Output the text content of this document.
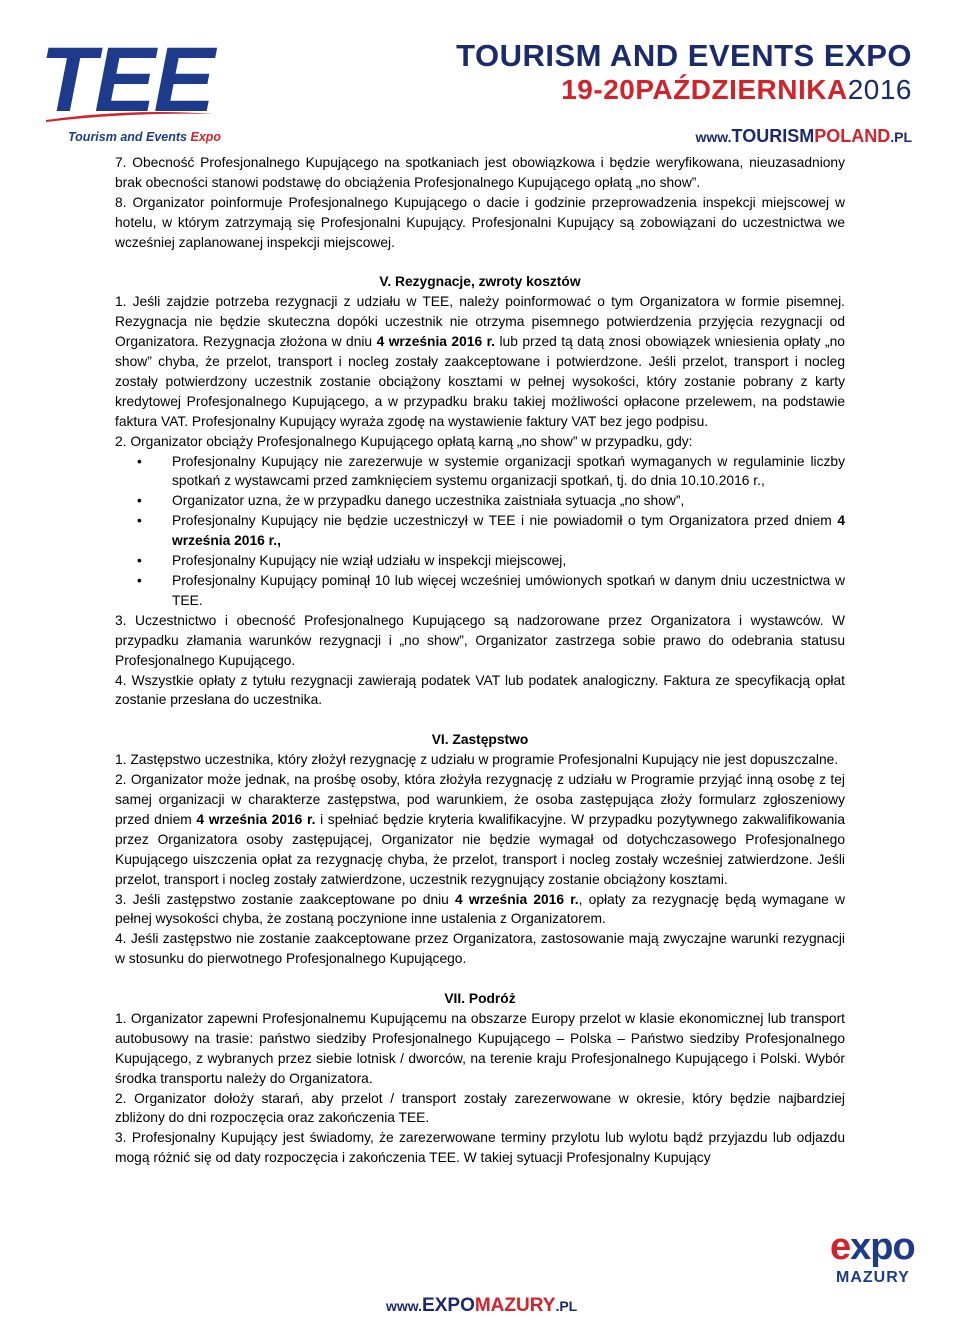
TEE
Tourism and Events Expo
TOURISM AND EVENTS EXPO
19-20PAŹDZIERNIKA2016
www.TOURISMPOLAND.PL

7. Obecność Profesjonalnego Kupującego na spotkaniach jest obowiązkowa i będzie weryfikowana, nieuzasadniony brak obecności stanowi podstawę do obciążenia Profesjonalnego Kupującego opłatą „no show”.

8. Organizator poinformuje Profesjonalnego Kupującego o dacie i godzinie przeprowadzenia inspekcji miejscowej w hotelu, w którym zatrzymają się Profesjonalni Kupujący. Profesjonalni Kupujący są zobowiązani do uczestnictwa we wcześniej zaplanowanej inspekcji miejscowej.

V. Rezygnacje, zwroty kosztów

1. Jeśli zajdzie potrzeba rezygnacji z udziału w TEE, należy poinformować o tym Organizatora w formie pisemnej. Rezygnacja nie będzie skuteczna dopóki uczestnik nie otrzyma pisemnego potwierdzenia przyjęcia rezygnacji od Organizatora. Rezygnacja złożona w dniu 4 września 2016 r. lub przed tą datą znosi obowiązek wniesienia opłaty „no show” chyba, że przelot, transport i nocleg zostały zaakceptowane i potwierdzone. Jeśli przelot, transport i nocleg zostały potwierdzony uczestnik zostanie obciążony kosztami w pełnej wysokości, który zostanie pobrany z karty kredytowej Profesjonalnego Kupującego, a w przypadku braku takiej możliwości opłacone przelewem, na podstawie faktura VAT. Profesjonalny Kupujący wyraża zgodę na wystawienie faktury VAT bez jego podpisu.

2. Organizator obciąży Profesjonalnego Kupującego opłatą karną „no show” w przypadku, gdy:

• Profesjonalny Kupujący nie zarezerwuje w systemie organizacji spotkań wymaganych w regulaminie liczby spotkań z wystawcami przed zamknięciem systemu organizacji spotkań, tj. do dnia 10.10.2016 r.,
• Organizator uzna, że w przypadku danego uczestnika zaistniała sytuacja „no show”,
• Profesjonalny Kupujący nie będzie uczestniczył w TEE i nie powiadomił o tym Organizatora przed dniem 4 września 2016 r.,
• Profesjonalny Kupujący nie wziął udziału w inspekcji miejscowej,
• Profesjonalny Kupujący pominął 10 lub więcej wcześniej umówionych spotkań w danym dniu uczestnictwa w TEE.

3. Uczestnictwo i obecność Profesjonalnego Kupującego są nadzorowane przez Organizatora i wystawców. W przypadku złamania warunków rezygnacji i „no show”, Organizator zastrzega sobie prawo do odebrania statusu Profesjonalnego Kupującego.

4. Wszystkie opłaty z tytułu rezygnacji zawierają podatek VAT lub podatek analogiczny. Faktura ze specyfikacją opłat zostanie przesłana do uczestnika.

VI. Zastępstwo

1. Zastępstwo uczestnika, który złożył rezygnację z udziału w programie Profesjonalni Kupujący nie jest dopuszczalne.

2. Organizator może jednak, na prośbę osoby, która złożyła rezygnację z udziału w Programie przyjąć inną osobę z tej samej organizacji w charakterze zastępstwa, pod warunkiem, że osoba zastępująca złoży formularz zgłoszeniowy przed dniem 4 września 2016 r. i spełniać będzie kryteria kwalifikacyjne. W przypadku pozytywnego zakwalifikowania przez Organizatora osoby zastępującej, Organizator nie będzie wymagał od dotychczasowego Profesjonalnego Kupującego uiszczenia opłat za rezygnację chyba, że przelot, transport i nocleg zostały wcześniej zatwierdzone. Jeśli przelot, transport i nocleg zostały zatwierdzone, uczestnik rezygnujący zostanie obciążony kosztami.

3. Jeśli zastępstwo zostanie zaakceptowane po dniu 4 września 2016 r., opłaty za rezygnację będą wymagane w pełnej wysokości chyba, że zostaną poczynione inne ustalenia z Organizatorem.

4. Jeśli zastępstwo nie zostanie zaakceptowane przez Organizatora, zastosowanie mają zwyczajne warunki rezygnacji w stosunku do pierwotnego Profesjonalnego Kupującego.

VII. Podróż

1. Organizator zapewni Profesjonalnemu Kupującemu na obszarze Europy przelot w klasie ekonomicznej lub transport autobusowy na trasie: państwo siedziby Profesjonalnego Kupującego – Polska – Państwo siedziby Profesjonalnego Kupującego, z wybranych przez siebie lotnisk / dworców, na terenie kraju Profesjonalnego Kupującego i Polski. Wybór środka transportu należy do Organizatora.

2. Organizator dołoży starań, aby przelot / transport zostały zarezerwowane w okresie, który będzie najbardziej zbliżony do dni rozpoczęcia oraz zakończenia TEE.

3. Profesjonalny Kupujący jest świadomy, że zarezerwowane terminy przylotu lub wylotu bądź przyjazdu lub odjazdu mogą różnić się od daty rozpoczęcia i zakończenia TEE. W takiej sytuacji Profesjonalny Kupujący

expo
MAZURY
www.EXPOMAZURY.PL
